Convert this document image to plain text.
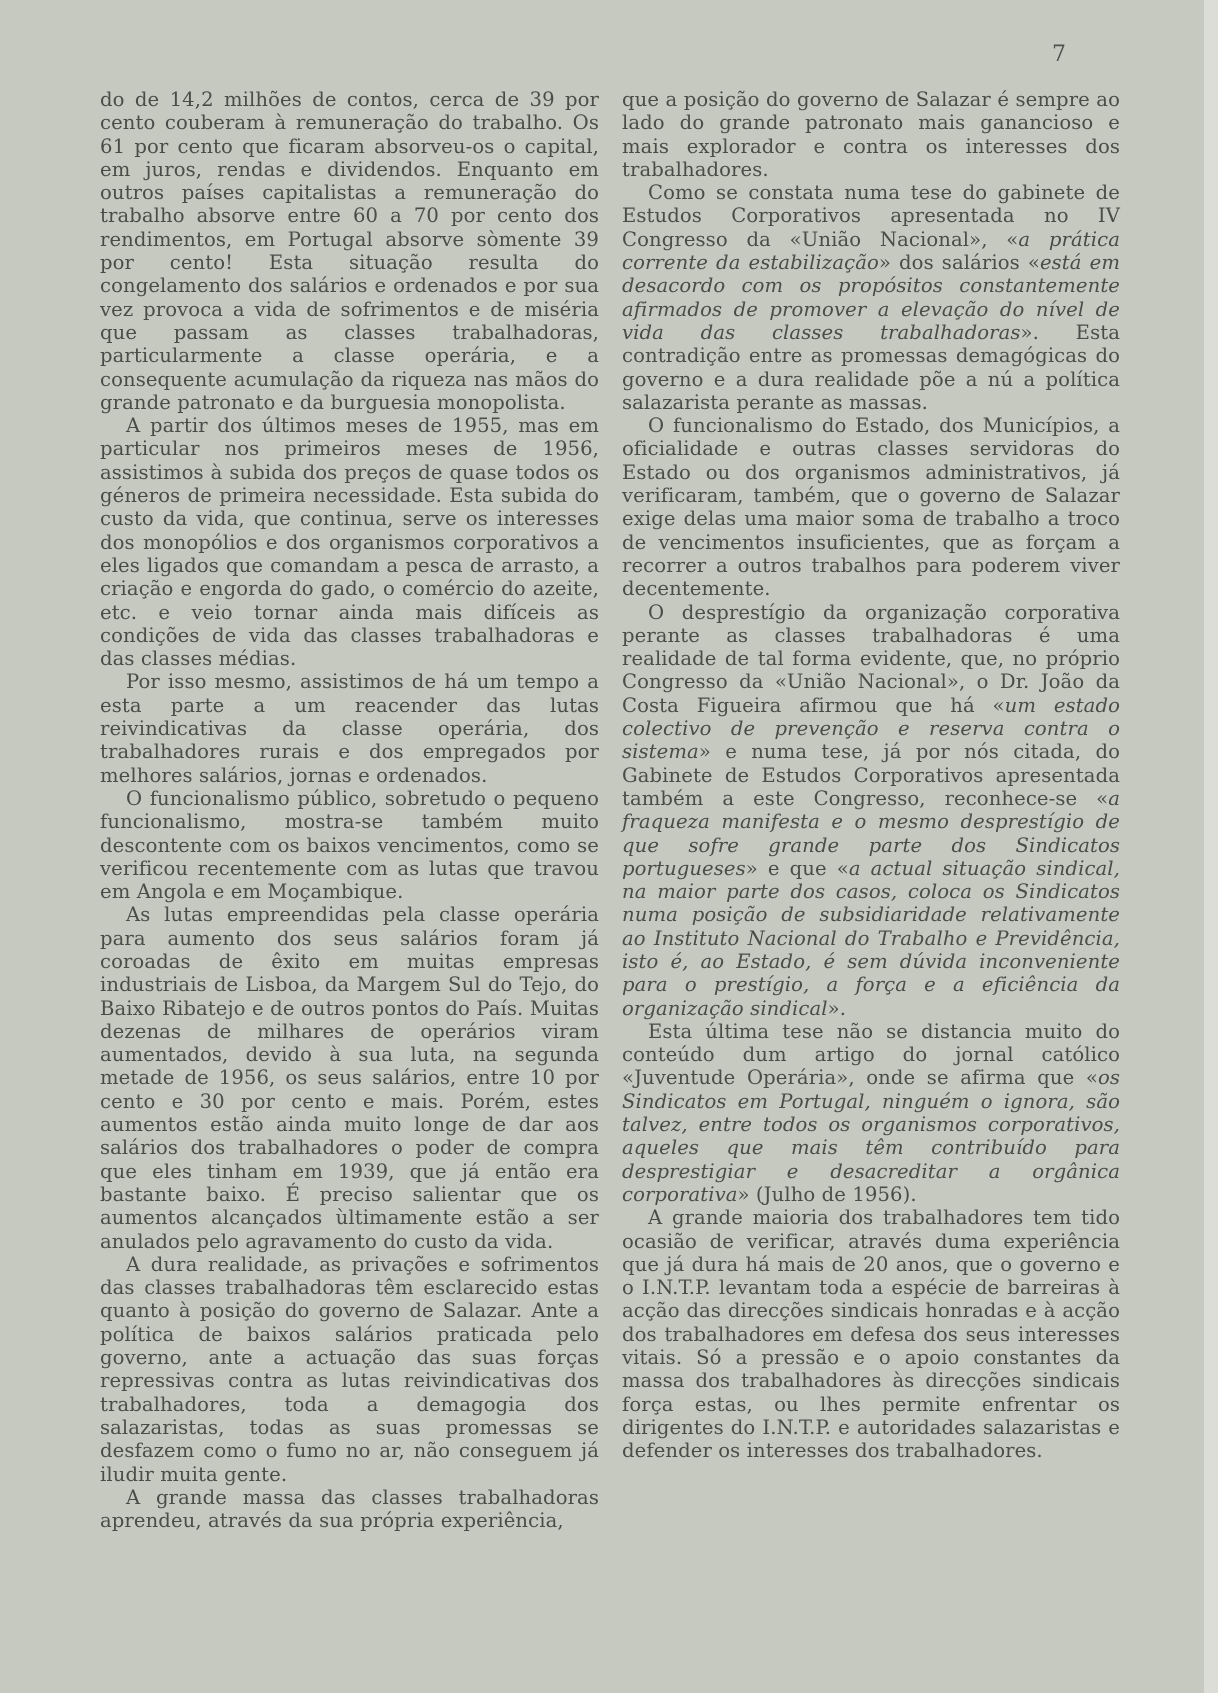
7

do de 14,2 milhões de contos, cerca de 39 por cento couberam à remuneração do trabalho. Os 61 por cento que ficaram absorveu-os o capital, em juros, rendas e dividendos. Enquanto em outros países capitalistas a remuneração do trabalho absorve entre 60 a 70 por cento dos rendimentos, em Portugal absorve sòmente 39 por cento! Esta situação resulta do congelamento dos salários e ordenados e por sua vez provoca a vida de sofrimentos e de miséria que passam as classes trabalhadoras, particularmente a classe operária, e a consequente acumulação da riqueza nas mãos do grande patronato e da burguesia monopolista.

A partir dos últimos meses de 1955, mas em particular nos primeiros meses de 1956, assistimos à subida dos preços de quase todos os géneros de primeira necessidade. Esta subida do custo da vida, que continua, serve os interesses dos monopólios e dos organismos corporativos a eles ligados que comandam a pesca de arrasto, a criação e engorda do gado, o comércio do azeite, etc. e veio tornar ainda mais difíceis as condições de vida das classes trabalhadoras e das classes médias.

Por isso mesmo, assistimos de há um tempo a esta parte a um reacender das lutas reivindicativas da classe operária, dos trabalhadores rurais e dos empregados por melhores salários, jornas e ordenados.

O funcionalismo público, sobretudo o pequeno funcionalismo, mostra-se também muito descontente com os baixos vencimentos, como se verificou recentemente com as lutas que travou em Angola e em Moçambique.

As lutas empreendidas pela classe operária para aumento dos seus salários foram já coroadas de êxito em muitas empresas industriais de Lisboa, da Margem Sul do Tejo, do Baixo Ribatejo e de outros pontos do País. Muitas dezenas de milhares de operários viram aumentados, devido à sua luta, na segunda metade de 1956, os seus salários, entre 10 por cento e 30 por cento e mais. Porém, estes aumentos estão ainda muito longe de dar aos salários dos trabalhadores o poder de compra que eles tinham em 1939, que já então era bastante baixo. É preciso salientar que os aumentos alcançados ùltimamente estão a ser anulados pelo agravamento do custo da vida.

A dura realidade, as privações e sofrimentos das classes trabalhadoras têm esclarecido estas quanto à posição do governo de Salazar. Ante a política de baixos salários praticada pelo governo, ante a actuação das suas forças repressivas contra as lutas reivindicativas dos trabalhadores, toda a demagogia dos salazaristas, todas as suas promessas se desfazem como o fumo no ar, não conseguem já iludir muita gente.

A grande massa das classes trabalhadoras aprendeu, através da sua própria experiência,

que a posição do governo de Salazar é sempre ao lado do grande patronato mais ganancioso e mais explorador e contra os interesses dos trabalhadores.

Como se constata numa tese do gabinete de Estudos Corporativos apresentada no IV Congresso da «União Nacional», «a prática corrente da estabilização» dos salários «está em desacordo com os propósitos constantemente afirmados de promover a elevação do nível de vida das classes trabalhadoras». Esta contradição entre as promessas demagógicas do governo e a dura realidade põe a nú a política salazarista perante as massas.

O funcionalismo do Estado, dos Municípios, a oficialidade e outras classes servidoras do Estado ou dos organismos administrativos, já verificaram, também, que o governo de Salazar exige delas uma maior soma de trabalho a troco de vencimentos insuficientes, que as forçam a recorrer a outros trabalhos para poderem viver decentemente.

O desprestígio da organização corporativa perante as classes trabalhadoras é uma realidade de tal forma evidente, que, no próprio Congresso da «União Nacional», o Dr. João da Costa Figueira afirmou que há «um estado colectivo de prevenção e reserva contra o sistema» e numa tese, já por nós citada, do Gabinete de Estudos Corporativos apresentada também a este Congresso, reconhece-se «a fraqueza manifesta e o mesmo desprestígio de que sofre grande parte dos Sindicatos portugueses» e que «a actual situação sindical, na maior parte dos casos, coloca os Sindicatos numa posição de subsidiaridade relativamente ao Instituto Nacional do Trabalho e Previdência, isto é, ao Estado, é sem dúvida inconveniente para o prestígio, a força e a eficiência da organização sindical».

Esta última tese não se distancia muito do conteúdo dum artigo do jornal católico «Juventude Operária», onde se afirma que «os Sindicatos em Portugal, ninguém o ignora, são talvez, entre todos os organismos corporativos, aqueles que mais têm contribuído para desprestigiar e desacreditar a orgânica corporativa» (Julho de 1956).

A grande maioria dos trabalhadores tem tido ocasião de verificar, através duma experiência que já dura há mais de 20 anos, que o governo e o I.N.T.P. levantam toda a espécie de barreiras à acção das direcções sindicais honradas e à acção dos trabalhadores em defesa dos seus interesses vitais. Só a pressão e o apoio constantes da massa dos trabalhadores às direcções sindicais força estas, ou lhes permite enfrentar os dirigentes do I.N.T.P. e autoridades salazaristas e defender os interesses dos trabalhadores.
